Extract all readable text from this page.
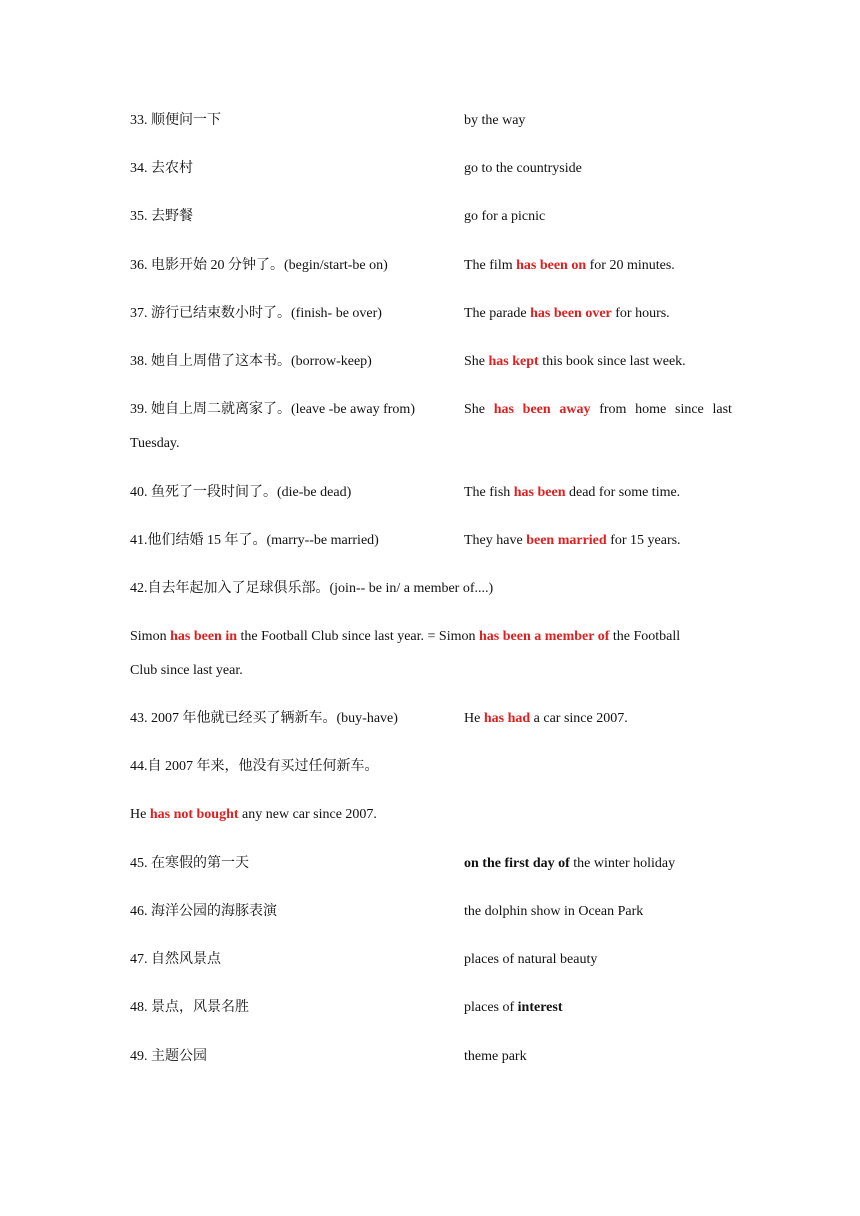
33. 顺便问一下	by the way
34. 去农村	go to the countryside
35. 去野餐	go for a picnic
36. 电影开始 20 分钟了。(begin/start-be on)	The film has been on for 20 minutes.
37. 游行已结束数小时了。(finish- be over)	The parade has been over for hours.
38. 她自上周借了这本书。(borrow-keep)	She has kept this book since last week.
39. 她自上周二就离家了。(leave -be away from)	She has been away from home since last
Tuesday.
40. 鱼死了一段时间了。(die-be dead)	The fish has been dead for some time.
41.他们结婚 15 年了。(marry--be married)	They have been married for 15 years.
42.自去年起加入了足球俱乐部。(join-- be in/ a member of....)
Simon has been in the Football Club since last year. = Simon has been a member of the Football
Club since last year.
43. 2007 年他就已经买了辆新车。(buy-have)	He has had a car since 2007.
44.自 2007 年来，他没有买过任何新车。
He has not bought any new car since 2007.
45. 在寒假的第一天	on the first day of the winter holiday
46. 海洋公园的海豚表演	the dolphin show in Ocean Park
47. 自然风景点	places of natural beauty
48. 景点，风景名胜	places of interest
49. 主题公园	theme park
